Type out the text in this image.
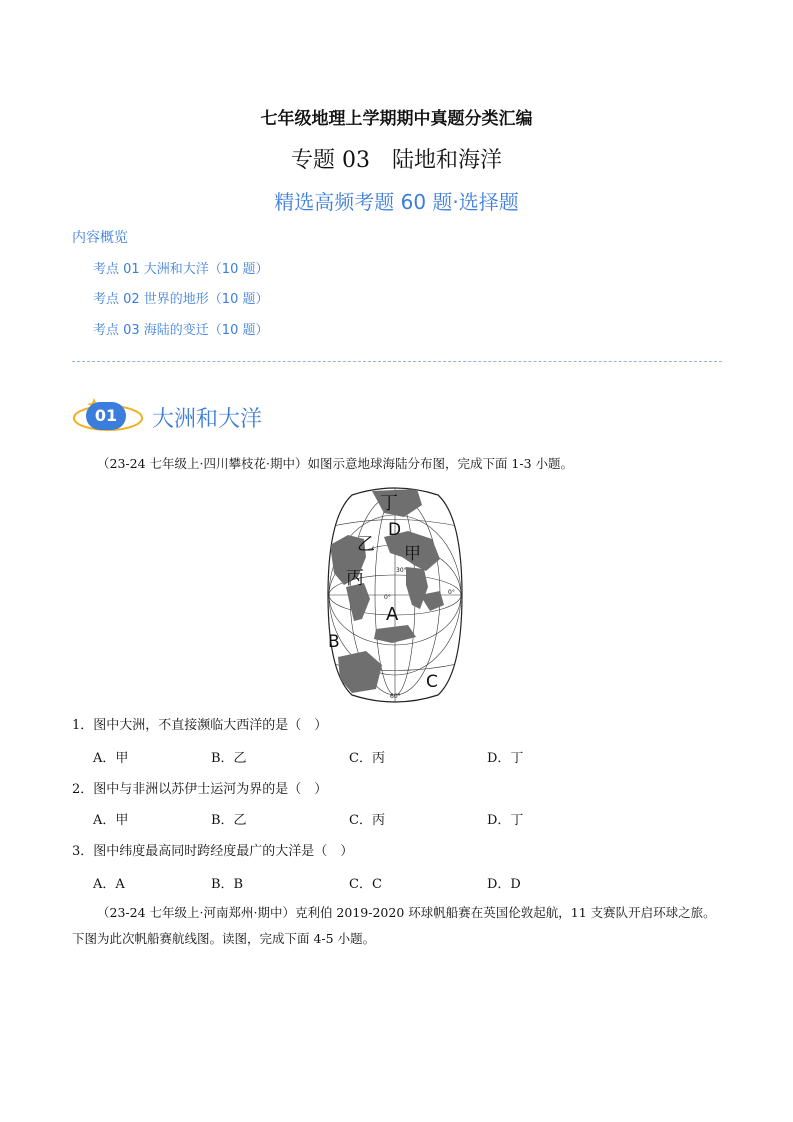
七年级地理上学期期中真题分类汇编
专题 03　陆地和海洋
精选高频考题 60 题·选择题
内容概览
考点 01 大洲和大洋（10 题）
考点 02 世界的地形（10 题）
考点 03 海陆的变迁（10 题）
01	大洲和大洋
（23-24 七年级上·四川攀枝花·期中）如图示意地球海陆分布图，完成下面 1-3 小题。
丁
D
乙 甲
丙
A
B
C
30°
0°
0°
60°
1．图中大洲，不直接濒临大西洋的是（　）
A．甲	B．乙	C．丙	D．丁
2．图中与非洲以苏伊士运河为界的是（　）
A．甲	B．乙	C．丙	D．丁
3．图中纬度最高同时跨经度最广的大洋是（　）
A．A	B．B	C．C	D．D
（23-24 七年级上·河南郑州·期中）克利伯 2019-2020 环球帆船赛在英国伦敦起航，11 支赛队开启环球之旅。下图为此次帆船赛航线图。读图，完成下面 4-5 小题。
